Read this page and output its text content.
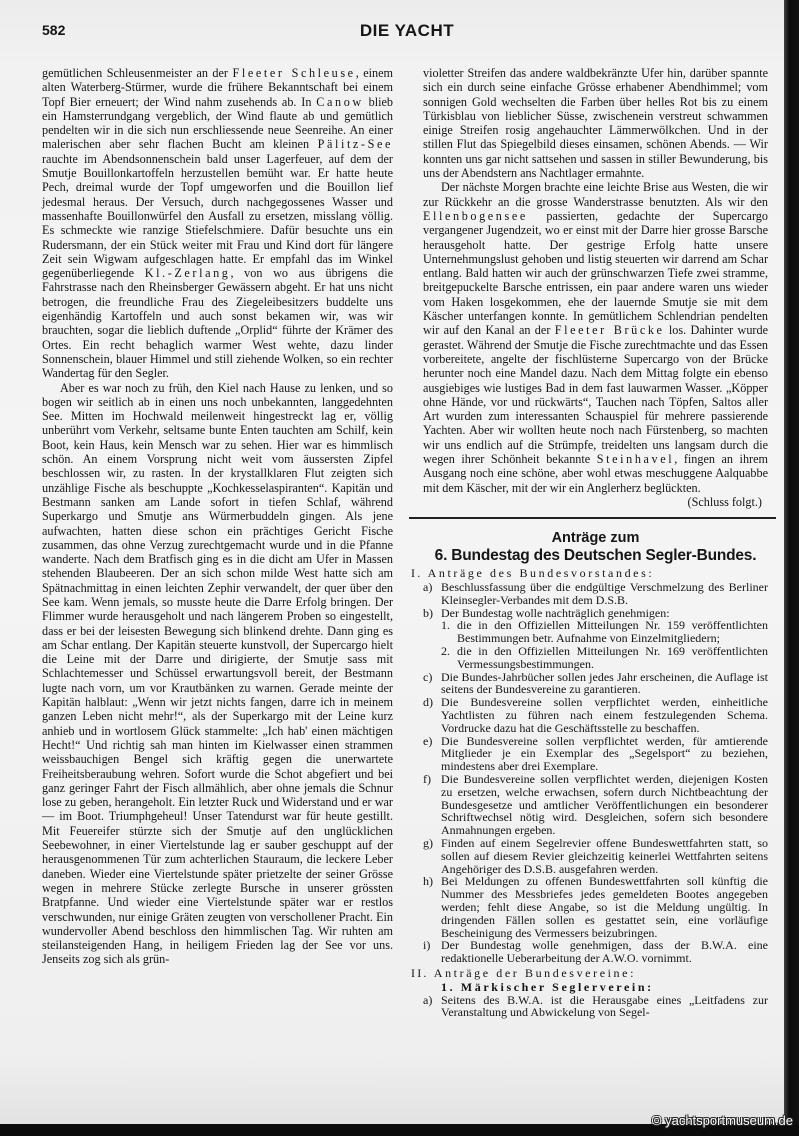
582	DIE YACHT

gemütlichen Schleusenmeister an der Fleeter Schleuse, einem alten Waterberg-Stürmer, wurde die frühere Bekanntschaft bei einem Topf Bier erneuert; der Wind nahm zusehends ab. In Canow blieb ein Hamsterrundgang vergeblich, der Wind flaute ab und gemütlich pendelten wir in die sich nun erschliessende neue Seenreihe. An einer malerischen aber sehr flachen Bucht am kleinen Pälitz-See rauchte im Abendsonnenschein bald unser Lagerfeuer, auf dem der Smutje Bouillonkartoffeln herzustellen bemüht war. Er hatte heute Pech, dreimal wurde der Topf umgeworfen und die Bouillon lief jedesmal heraus. Der Versuch, durch nachgegossenes Wasser und massenhafte Bouillonwürfel den Ausfall zu ersetzen, misslang völlig. Es schmeckte wie ranzige Stiefelschmiere. Dafür besuchte uns ein Rudersmann, der ein Stück weiter mit Frau und Kind dort für längere Zeit sein Wigwam aufgeschlagen hatte. Er empfahl das im Winkel gegenüberliegende Kl.-Zerlang, von wo aus übrigens die Fahrstrasse nach den Rheinsberger Gewässern abgeht. Er hat uns nicht betrogen, die freundliche Frau des Ziegeleibesitzers buddelte uns eigenhändig Kartoffeln und auch sonst bekamen wir, was wir brauchten, sogar die lieblich duftende „Orplid“ führte der Krämer des Ortes. Ein recht behaglich warmer West wehte, dazu linder Sonnenschein, blauer Himmel und still ziehende Wolken, so ein rechter Wandertag für den Segler.

Aber es war noch zu früh, den Kiel nach Hause zu lenken, und so bogen wir seitlich ab in einen uns noch unbekannten, langgedehnten See. Mitten im Hochwald meilenweit hingestreckt lag er, völlig unberührt vom Verkehr, seltsame bunte Enten tauchten am Schilf, kein Boot, kein Haus, kein Mensch war zu sehen. Hier war es himmlisch schön. An einem Vorsprung nicht weit vom äussersten Zipfel beschlossen wir, zu rasten. In der krystallklaren Flut zeigten sich unzählige Fische als beschuppte „Kochkesselaspiranten“. Kapitän und Bestmann sanken am Lande sofort in tiefen Schlaf, während Superkargo und Smutje ans Würmerbuddeln gingen. Als jene aufwachten, hatten diese schon ein prächtiges Gericht Fische zusammen, das ohne Verzug zurechtgemacht wurde und in die Pfanne wanderte. Nach dem Bratfisch ging es in die dicht am Ufer in Massen stehenden Blaubeeren. Der an sich schon milde West hatte sich am Spätnachmittag in einen leichten Zephir verwandelt, der quer über den See kam. Wenn jemals, so musste heute die Darre Erfolg bringen. Der Flimmer wurde herausgeholt und nach längerem Proben so eingestellt, dass er bei der leisesten Bewegung sich blinkend drehte. Dann ging es am Schar entlang. Der Kapitän steuerte kunstvoll, der Supercargo hielt die Leine mit der Darre und dirigierte, der Smutje sass mit Schlachtemesser und Schüssel erwartungsvoll bereit, der Bestmann lugte nach vorn, um vor Krautbänken zu warnen. Gerade meinte der Kapitän halblaut: „Wenn wir jetzt nichts fangen, darre ich in meinem ganzen Leben nicht mehr!“, als der Superkargo mit der Leine kurz anhieb und in wortlosem Glück stammelte: „Ich hab' einen mächtigen Hecht!“ Und richtig sah man hinten im Kielwasser einen strammen weissbauchigen Bengel sich kräftig gegen die unerwartete Freiheitsberaubung wehren. Sofort wurde die Schot abgefiert und bei ganz geringer Fahrt der Fisch allmählich, aber ohne jemals die Schnur lose zu geben, herangeholt. Ein letzter Ruck und Widerstand und er war — im Boot. Triumphgeheul! Unser Tatendurst war für heute gestillt. Mit Feuereifer stürzte sich der Smutje auf den unglücklichen Seebewohner, in einer Viertelstunde lag er sauber geschuppt auf der herausgenommenen Tür zum achterlichen Stauraum, die leckere Leber daneben. Wieder eine Viertelstunde später prietzelte der seiner Grösse wegen in mehrere Stücke zerlegte Bursche in unserer grössten Bratpfanne. Und wieder eine Viertelstunde später war er restlos verschwunden, nur einige Gräten zeugten von verschollener Pracht. Ein wundervoller Abend beschloss den himmlischen Tag. Wir ruhten am steilansteigenden Hang, in heiligem Frieden lag der See vor uns. Jenseits zog sich als grün-

violetter Streifen das andere waldbekränzte Ufer hin, darüber spannte sich ein durch seine einfache Grösse erhabener Abendhimmel; vom sonnigen Gold wechselten die Farben über helles Rot bis zu einem Türkisblau von lieblicher Süsse, zwischenein verstreut schwammen einige Streifen rosig angehauchter Lämmerwölkchen. Und in der stillen Flut das Spiegelbild dieses einsamen, schönen Abends. — Wir konnten uns gar nicht sattsehen und sassen in stiller Bewunderung, bis uns der Abendstern ans Nachtlager ermahnte.

Der nächste Morgen brachte eine leichte Brise aus Westen, die wir zur Rückkehr an die grosse Wanderstrasse benutzten. Als wir den Ellenbogensee passierten, gedachte der Supercargo vergangener Jugendzeit, wo er einst mit der Darre hier grosse Barsche herausgeholt hatte. Der gestrige Erfolg hatte unsere Unternehmungslust gehoben und listig steuerten wir darrend am Schar entlang. Bald hatten wir auch der grünschwarzen Tiefe zwei stramme, breitgepuckelte Barsche entrissen, ein paar andere waren uns wieder vom Haken losgekommen, ehe der lauernde Smutje sie mit dem Käscher unterfangen konnte. In gemütlichem Schlendrian pendelten wir auf den Kanal an der Fleeter Brücke los. Dahinter wurde gerastet. Während der Smutje die Fische zurechtmachte und das Essen vorbereitete, angelte der fischlüsterne Supercargo von der Brücke herunter noch eine Mandel dazu. Nach dem Mittag folgte ein ebenso ausgiebiges wie lustiges Bad in dem fast lauwarmen Wasser. „Köpper ohne Hände, vor und rückwärts“, Tauchen nach Töpfen, Saltos aller Art wurden zum interessanten Schauspiel für mehrere passierende Yachten. Aber wir wollten heute noch nach Fürstenberg, so machten wir uns endlich auf die Strümpfe, treidelten uns langsam durch die wegen ihrer Schönheit bekannte Steinhavel, fingen an ihrem Ausgang noch eine schöne, aber wohl etwas meschuggene Aalquabbe mit dem Käscher, mit der wir ein Anglerherz beglückten.

(Schluss folgt.)

Anträge zum
6. Bundestag des Deutschen Segler-Bundes.
I. Anträge des Bundesvorstandes:
a) Beschlussfassung über die endgültige Verschmelzung des Berliner Kleinsegler-Verbandes mit dem D.S.B.
b) Der Bundestag wolle nachträglich genehmigen:
1. die in den Offiziellen Mitteilungen Nr. 159 veröffentlichten Bestimmungen betr. Aufnahme von Einzelmitgliedern;
2. die in den Offiziellen Mitteilungen Nr. 169 veröffentlichten Vermessungsbestimmungen.
c) Die Bundes-Jahrbücher sollen jedes Jahr erscheinen, die Auflage ist seitens der Bundesvereine zu garantieren.
d) Die Bundesvereine sollen verpflichtet werden, einheitliche Yachtlisten zu führen nach einem festzulegenden Schema. Vordrucke dazu hat die Geschäftsstelle zu beschaffen.
e) Die Bundesvereine sollen verpflichtet werden, für amtierende Mitglieder je ein Exemplar des „Segelsport“ zu beziehen, mindestens aber drei Exemplare.
f) Die Bundesvereine sollen verpflichtet werden, diejenigen Kosten zu ersetzen, welche erwachsen, sofern durch Nichtbeachtung der Bundesgesetze und amtlicher Veröffentlichungen ein besonderer Schriftwechsel nötig wird. Desgleichen, sofern sich besondere Anmahnungen ergeben.
g) Finden auf einem Segelrevier offene Bundeswettfahrten statt, so sollen auf diesem Revier gleichzeitig keinerlei Wettfahrten seitens Angehöriger des D.S.B. ausgefahren werden.
h) Bei Meldungen zu offenen Bundeswettfahrten soll künftig die Nummer des Messbriefes jedes gemeldeten Bootes angegeben werden; fehlt diese Angabe, so ist die Meldung ungültig. In dringenden Fällen sollen es gestattet sein, eine vorläufige Bescheinigung des Vermessers beizubringen.
i) Der Bundestag wolle genehmigen, dass der B.W.A. eine redaktionelle Ueberarbeitung der A.W.O. vornimmt.
II. Anträge der Bundesvereine:
1. Märkischer Seglerverein:
a) Seitens des B.W.A. ist die Herausgabe eines „Leitfadens zur Veranstaltung und Abwickelung von Segel-
© yachtsportmuseum.de
